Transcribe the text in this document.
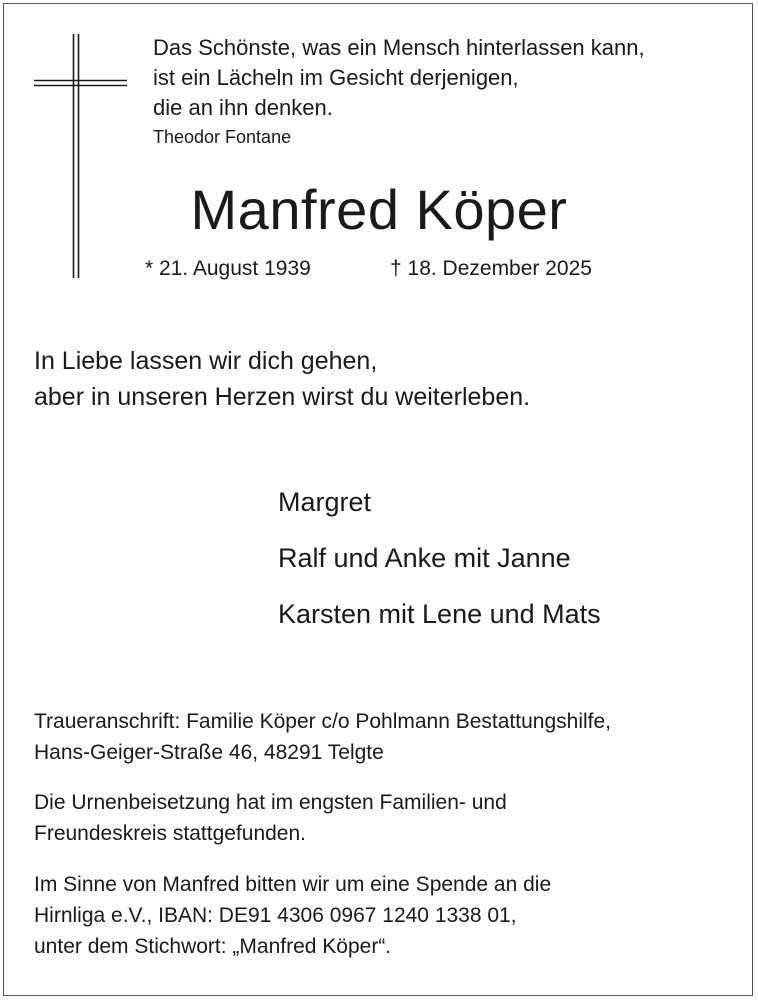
Das Schönste, was ein Mensch hinterlassen kann,
ist ein Lächeln im Gesicht derjenigen,
die an ihn denken.
Theodor Fontane
Manfred Köper
* 21. August 1939	† 18. Dezember 2025
In Liebe lassen wir dich gehen,
aber in unseren Herzen wirst du weiterleben.
Margret
Ralf und Anke mit Janne
Karsten mit Lene und Mats
Traueranschrift: Familie Köper c/o Pohlmann Bestattungshilfe,
Hans-Geiger-Straße 46, 48291 Telgte
Die Urnenbeisetzung hat im engsten Familien- und
Freundeskreis stattgefunden.
Im Sinne von Manfred bitten wir um eine Spende an die
Hirnliga e.V., IBAN: DE91 4306 0967 1240 1338 01,
unter dem Stichwort: „Manfred Köper“.
